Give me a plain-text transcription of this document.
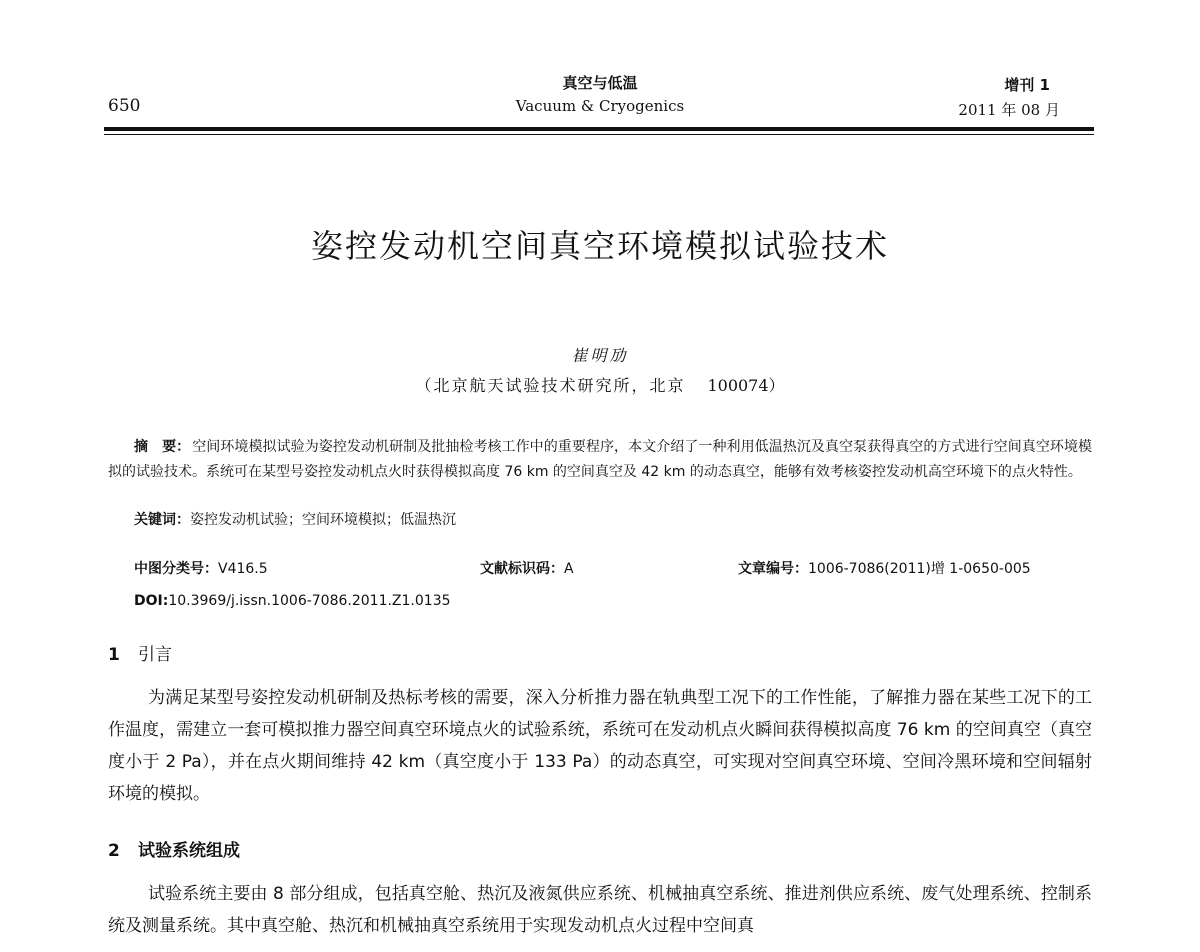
650
真空与低温
Vacuum & Cryogenics
增刊 1
2011 年 08 月
姿控发动机空间真空环境模拟试验技术
崔明劢
（北京航天试验技术研究所，北京 100074）
摘　要： 空间环境模拟试验为姿控发动机研制及批抽检考核工作中的重要程序，本文介绍了一种利用低温热沉及真空泵获得真空的方式进行空间真空环境模拟的试验技术。系统可在某型号姿控发动机点火时获得模拟高度 76 km 的空间真空及 42 km 的动态真空，能够有效考核姿控发动机高空环境下的点火特性。
关键词：姿控发动机试验；空间环境模拟；低温热沉
中图分类号：V416.5	文献标识码：A	文章编号：1006-7086(2011)增 1-0650-005
DOI:10.3969/j.issn.1006-7086.2011.Z1.0135
1 引言
为满足某型号姿控发动机研制及热标考核的需要，深入分析推力器在轨典型工况下的工作性能，了解推力器在某些工况下的工作温度，需建立一套可模拟推力器空间真空环境点火的试验系统，系统可在发动机点火瞬间获得模拟高度 76 km 的空间真空（真空度小于 2 Pa），并在点火期间维持 42 km（真空度小于 133 Pa）的动态真空，可实现对空间真空环境、空间冷黑环境和空间辐射环境的模拟。
2 试验系统组成
试验系统主要由 8 部分组成，包括真空舱、热沉及液氮供应系统、机械抽真空系统、推进剂供应系统、废气处理系统、控制系统及测量系统。其中真空舱、热沉和机械抽真空系统用于实现发动机点火过程中空间真
